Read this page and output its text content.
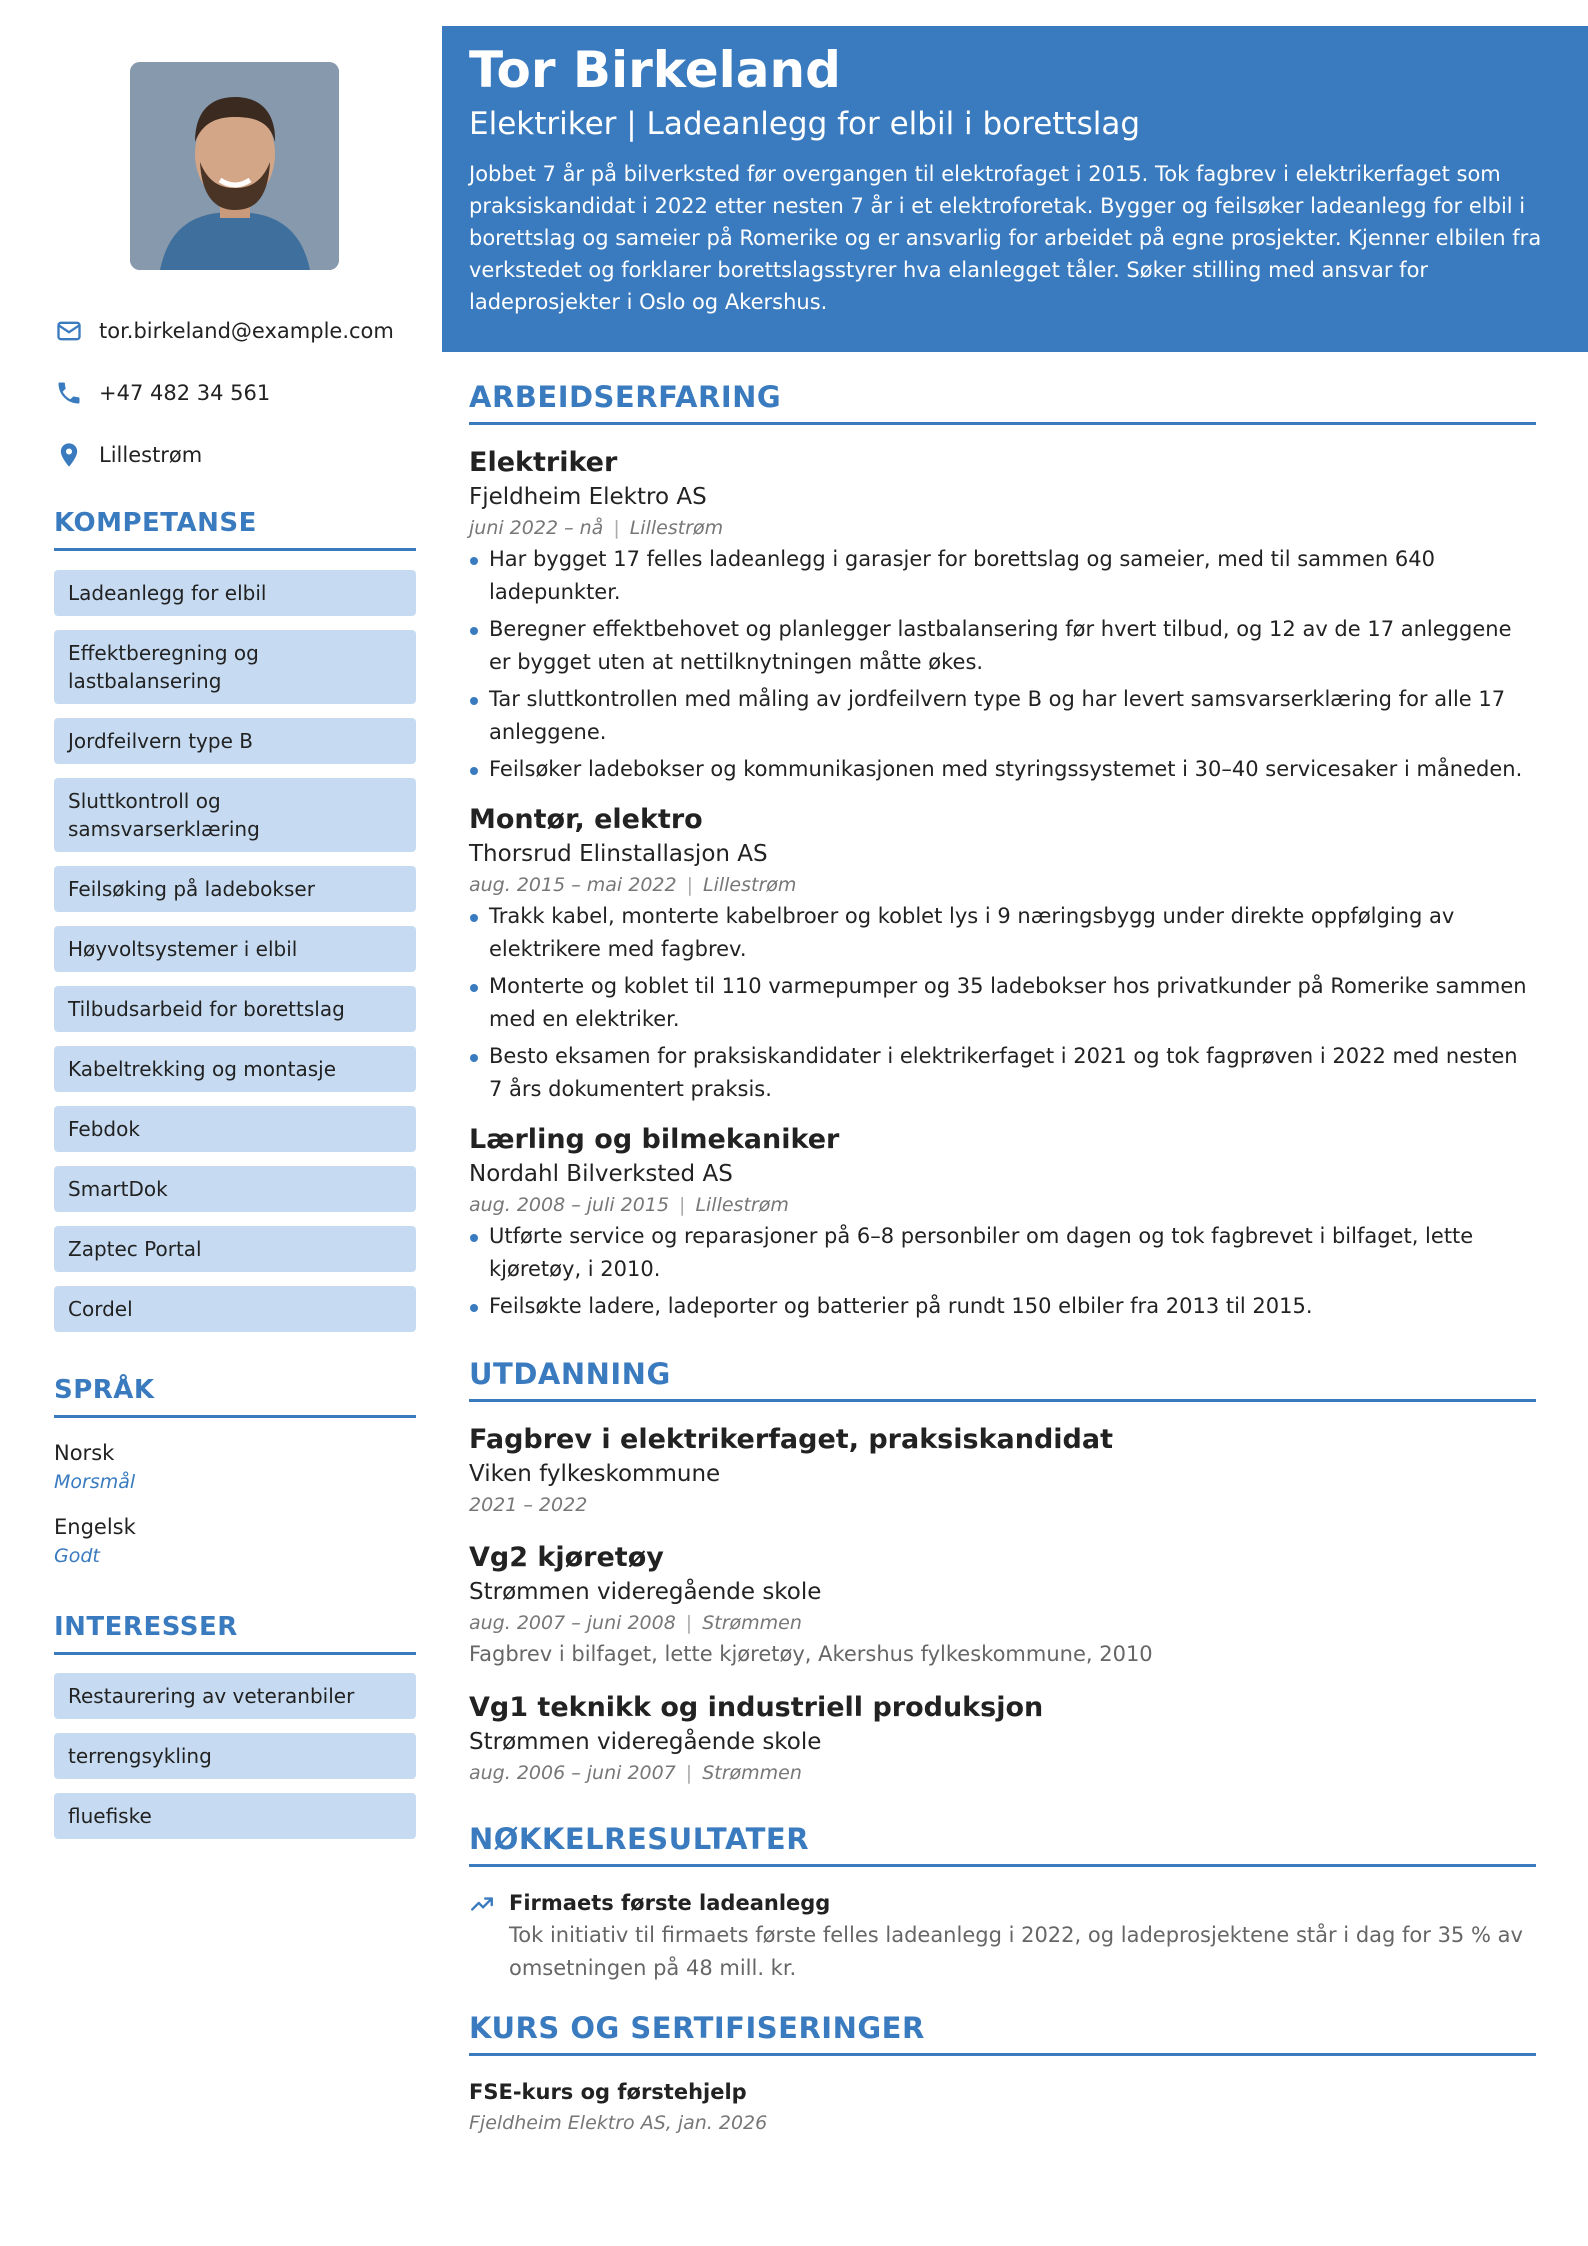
tor.birkeland@example.com
+47 482 34 561
Lillestrøm
KOMPETANSE
Ladeanlegg for elbil
Effektberegning og lastbalansering
Jordfeilvern type B
Sluttkontroll og samsvarserklæring
Feilsøking på ladebokser
Høyvoltsystemer i elbil
Tilbudsarbeid for borettslag
Kabeltrekking og montasje
Febdok
SmartDok
Zaptec Portal
Cordel
SPRÅK
Norsk
Morsmål
Engelsk
Godt
INTERESSER
Restaurering av veteranbiler
terrengsykling
fluefiske
Tor Birkeland
Elektriker | Ladeanlegg for elbil i borettslag
Jobbet 7 år på bilverksted før overgangen til elektrofaget i 2015. Tok fagbrev i elektrikerfaget som praksiskandidat i 2022 etter nesten 7 år i et elektroforetak. Bygger og feilsøker ladeanlegg for elbil i borettslag og sameier på Romerike og er ansvarlig for arbeidet på egne prosjekter. Kjenner elbilen fra verkstedet og forklarer borettslagsstyrer hva elanlegget tåler. Søker stilling med ansvar for ladeprosjekter i Oslo og Akershus.
ARBEIDSERFARING
Elektriker
Fjeldheim Elektro AS
juni 2022 – nå | Lillestrøm
Har bygget 17 felles ladeanlegg i garasjer for borettslag og sameier, med til sammen 640 ladepunkter.
Beregner effektbehovet og planlegger lastbalansering før hvert tilbud, og 12 av de 17 anleggene er bygget uten at nettilknytningen måtte økes.
Tar sluttkontrollen med måling av jordfeilvern type B og har levert samsvarserklæring for alle 17 anleggene.
Feilsøker ladebokser og kommunikasjonen med styringssystemet i 30–40 servicesaker i måneden.
Montør, elektro
Thorsrud Elinstallasjon AS
aug. 2015 – mai 2022 | Lillestrøm
Trakk kabel, monterte kabelbroer og koblet lys i 9 næringsbygg under direkte oppfølging av elektrikere med fagbrev.
Monterte og koblet til 110 varmepumper og 35 ladebokser hos privatkunder på Romerike sammen med en elektriker.
Besto eksamen for praksiskandidater i elektrikerfaget i 2021 og tok fagprøven i 2022 med nesten 7 års dokumentert praksis.
Lærling og bilmekaniker
Nordahl Bilverksted AS
aug. 2008 – juli 2015 | Lillestrøm
Utførte service og reparasjoner på 6–8 personbiler om dagen og tok fagbrevet i bilfaget, lette kjøretøy, i 2010.
Feilsøkte ladere, ladeporter og batterier på rundt 150 elbiler fra 2013 til 2015.
UTDANNING
Fagbrev i elektrikerfaget, praksiskandidat
Viken fylkeskommune
2021 – 2022
Vg2 kjøretøy
Strømmen videregående skole
aug. 2007 – juni 2008 | Strømmen
Fagbrev i bilfaget, lette kjøretøy, Akershus fylkeskommune, 2010
Vg1 teknikk og industriell produksjon
Strømmen videregående skole
aug. 2006 – juni 2007 | Strømmen
NØKKELRESULTATER
Firmaets første ladeanlegg
Tok initiativ til firmaets første felles ladeanlegg i 2022, og ladeprosjektene står i dag for 35 % av omsetningen på 48 mill. kr.
KURS OG SERTIFISERINGER
FSE-kurs og førstehjelp
Fjeldheim Elektro AS, jan. 2026
